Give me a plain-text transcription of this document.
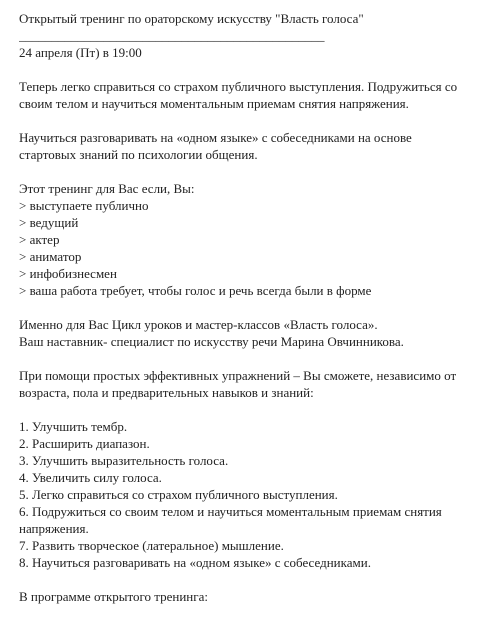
Открытый тренинг по ораторскому искусству "Власть голоса"
_______________________________________________
24 апреля (Пт) в 19:00
Теперь легко справиться со страхом публичного выступления. Подружиться со
своим телом и научиться моментальным приемам снятия напряжения.
Научиться разговаривать на «одном языке» с собеседниками на основе
стартовых знаний по психологии общения.
Этот тренинг для Вас если, Вы:
> выступаете публично
> ведущий
> актер
> аниматор
> инфобизнесмен
> ваша работа требует, чтобы голос и речь всегда были в форме
Именно для Вас Цикл уроков и мастер-классов «Власть голоса».
Ваш наставник- специалист по искусству речи Марина Овчинникова.
При помощи простых эффективных упражнений – Вы сможете, независимо от
возраста, пола и предварительных навыков и знаний:
1. Улучшить тембр.
2. Расширить диапазон.
3. Улучшить выразительность голоса.
4. Увеличить силу голоса.
5. Легко справиться со страхом публичного выступления.
6. Подружиться со своим телом и научиться моментальным приемам снятия
напряжения.
7. Развить творческое (латеральное) мышление.
8. Научиться разговаривать на «одном языке» с собеседниками.
В программе открытого тренинга:
